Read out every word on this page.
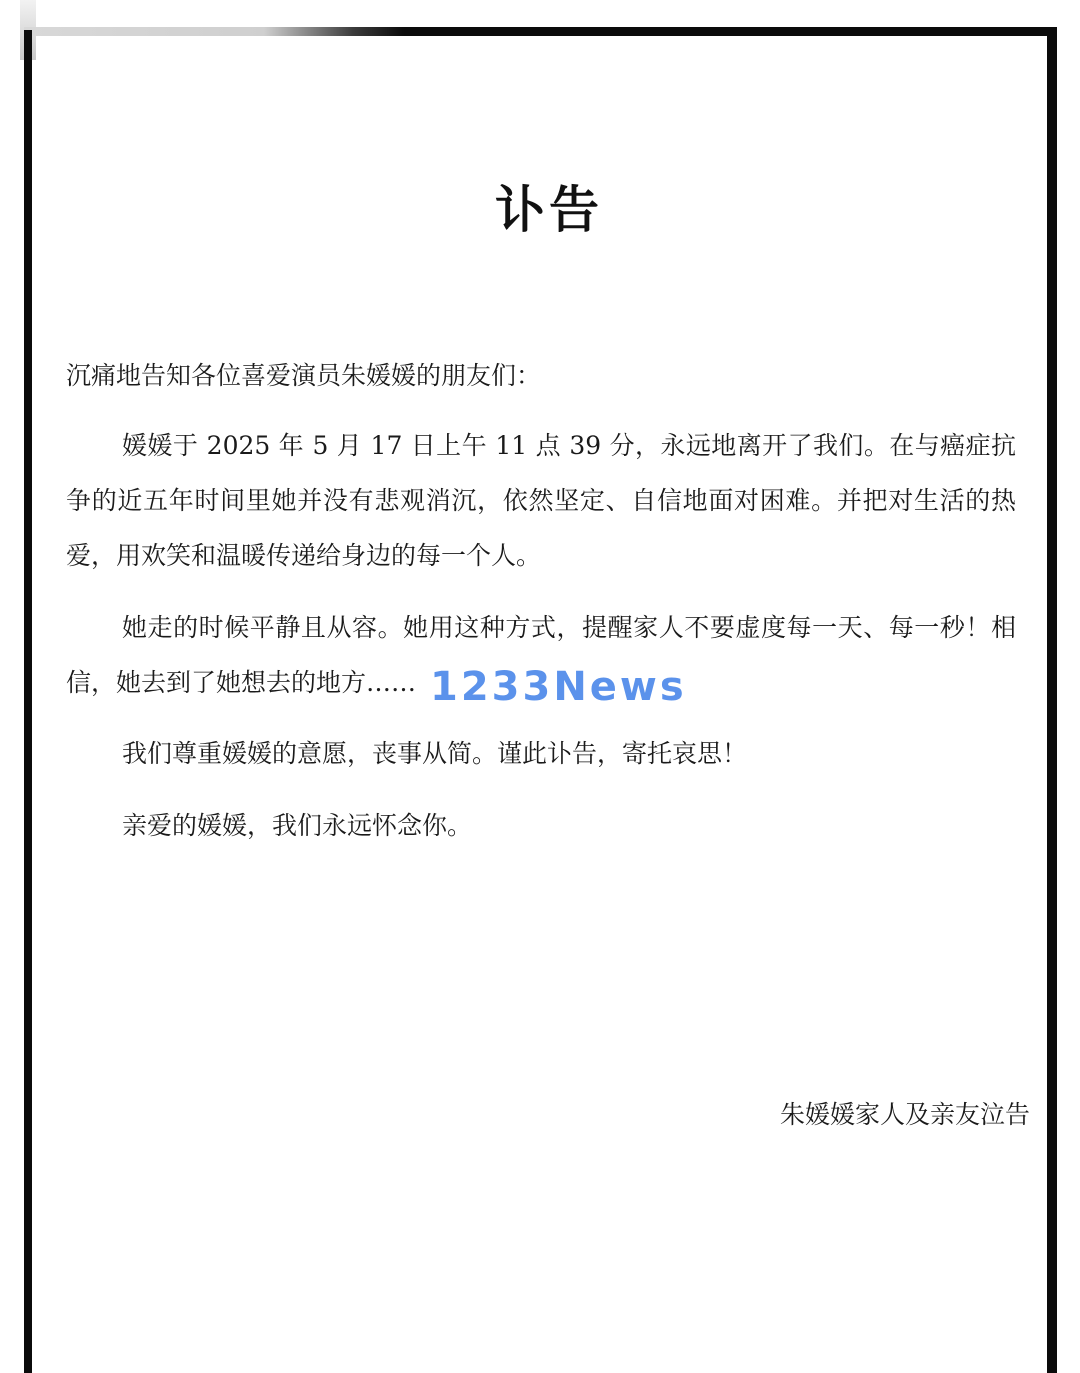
讣告
沉痛地告知各位喜爱演员朱媛媛的朋友们：
媛媛于 2025 年 5 月 17 日上午 11 点 39 分，永远地离开了我们。在与癌症抗争的近五年时间里她并没有悲观消沉，依然坚定、自信地面对困难。并把对生活的热爱，用欢笑和温暖传递给身边的每一个人。
她走的时候平静且从容。她用这种方式，提醒家人不要虚度每一天、每一秒！相信，她去到了她想去的地方……
我们尊重媛媛的意愿，丧事从简。谨此讣告，寄托哀思！
亲爱的媛媛，我们永远怀念你。
朱媛媛家人及亲友泣告
1233News
